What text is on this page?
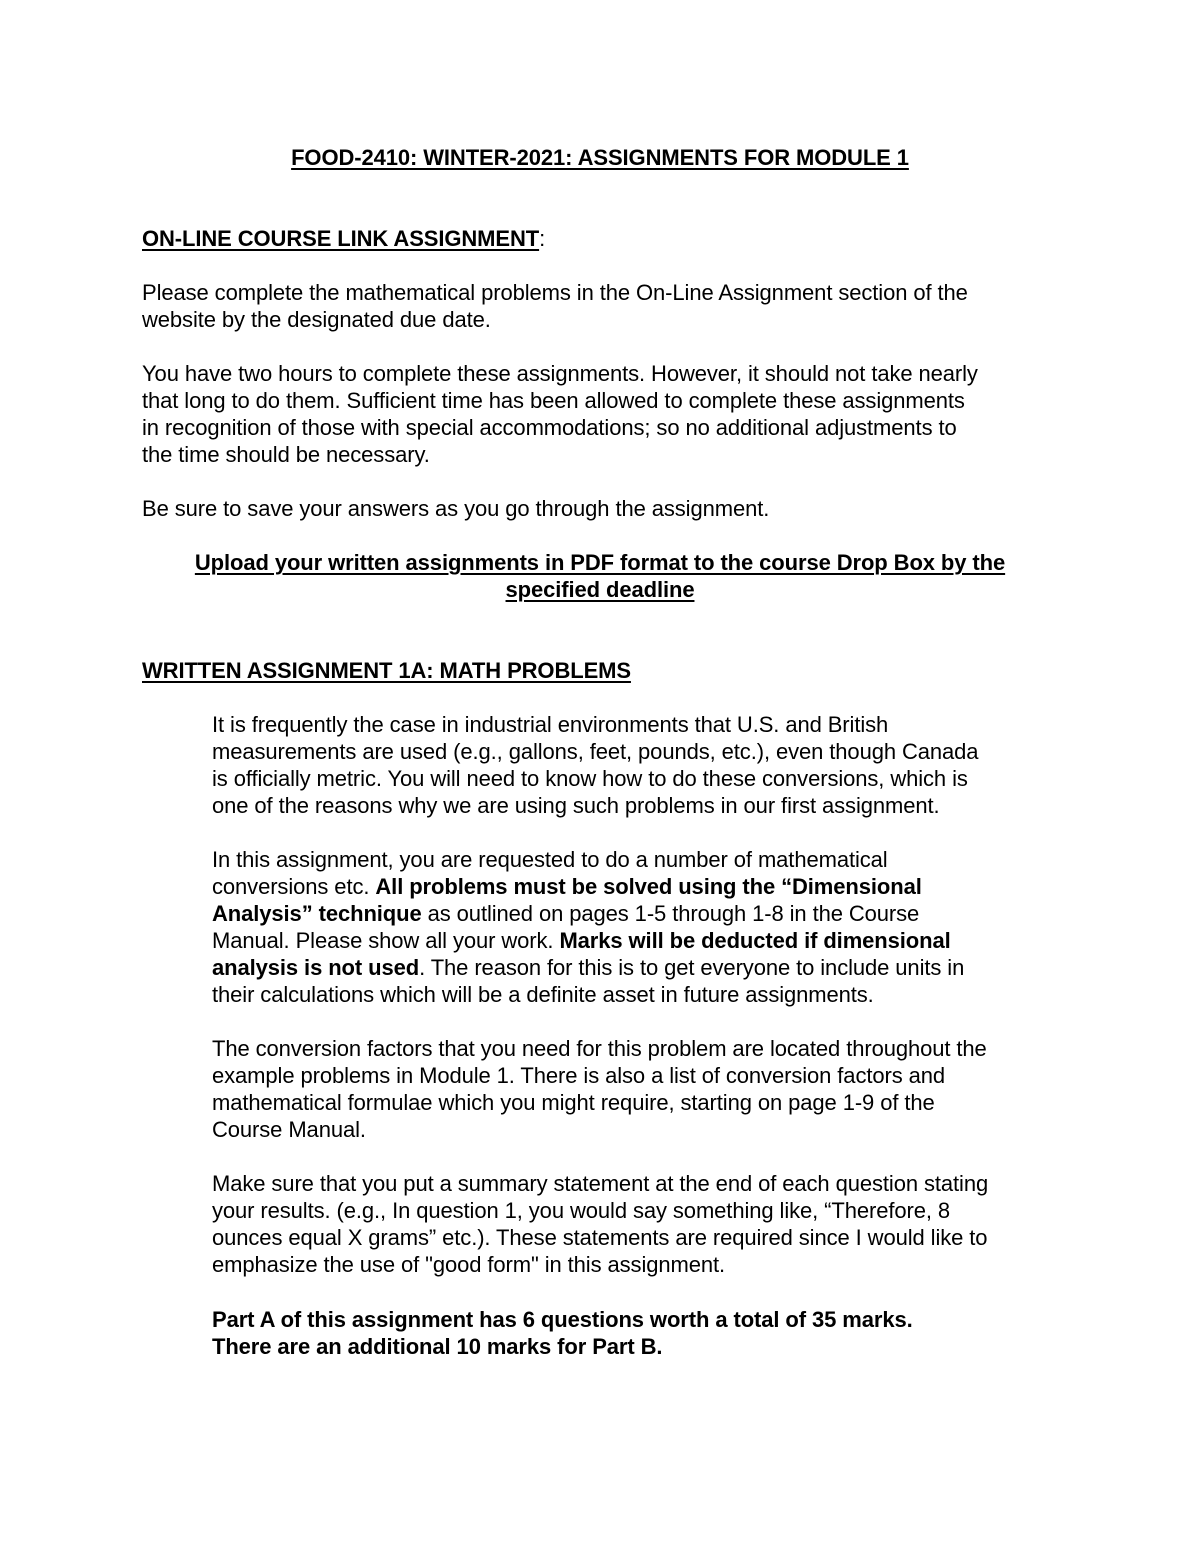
FOOD-2410: WINTER-2021: ASSIGNMENTS FOR MODULE 1
ON-LINE COURSE LINK ASSIGNMENT:
Please complete the mathematical problems in the On-Line Assignment section of the
website by the designated due date.
You have two hours to complete these assignments. However, it should not take nearly
that long to do them. Sufficient time has been allowed to complete these assignments
in recognition of those with special accommodations; so no additional adjustments to
the time should be necessary.
Be sure to save your answers as you go through the assignment.
Upload your written assignments in PDF format to the course Drop Box by the
specified deadline
WRITTEN ASSIGNMENT 1A: MATH PROBLEMS
It is frequently the case in industrial environments that U.S. and British
measurements are used (e.g., gallons, feet, pounds, etc.), even though Canada
is officially metric. You will need to know how to do these conversions, which is
one of the reasons why we are using such problems in our first assignment.
In this assignment, you are requested to do a number of mathematical
conversions etc. All problems must be solved using the “Dimensional
Analysis” technique as outlined on pages 1-5 through 1-8 in the Course
Manual. Please show all your work. Marks will be deducted if dimensional
analysis is not used. The reason for this is to get everyone to include units in
their calculations which will be a definite asset in future assignments.
The conversion factors that you need for this problem are located throughout the
example problems in Module 1. There is also a list of conversion factors and
mathematical formulae which you might require, starting on page 1-9 of the
Course Manual.
Make sure that you put a summary statement at the end of each question stating
your results. (e.g., In question 1, you would say something like, “Therefore, 8
ounces equal X grams” etc.). These statements are required since I would like to
emphasize the use of "good form" in this assignment.
Part A of this assignment has 6 questions worth a total of 35 marks.
There are an additional 10 marks for Part B.
